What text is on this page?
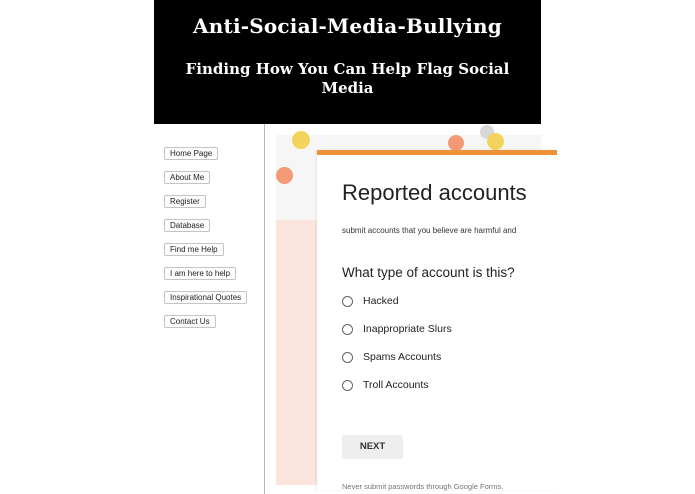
Anti-Social-Media-Bullying
Finding How You Can Help Flag Social Media
Home Page
About Me
Register
Database
Find me Help
I am here to help
Inspirational Quotes
Contact Us
Reported accounts
submit accounts that you believe are harmful and
What type of account is this?
Hacked
Inappropriate Slurs
Spams Accounts
Troll Accounts
NEXT
Never submit passwords through Google Forms.
